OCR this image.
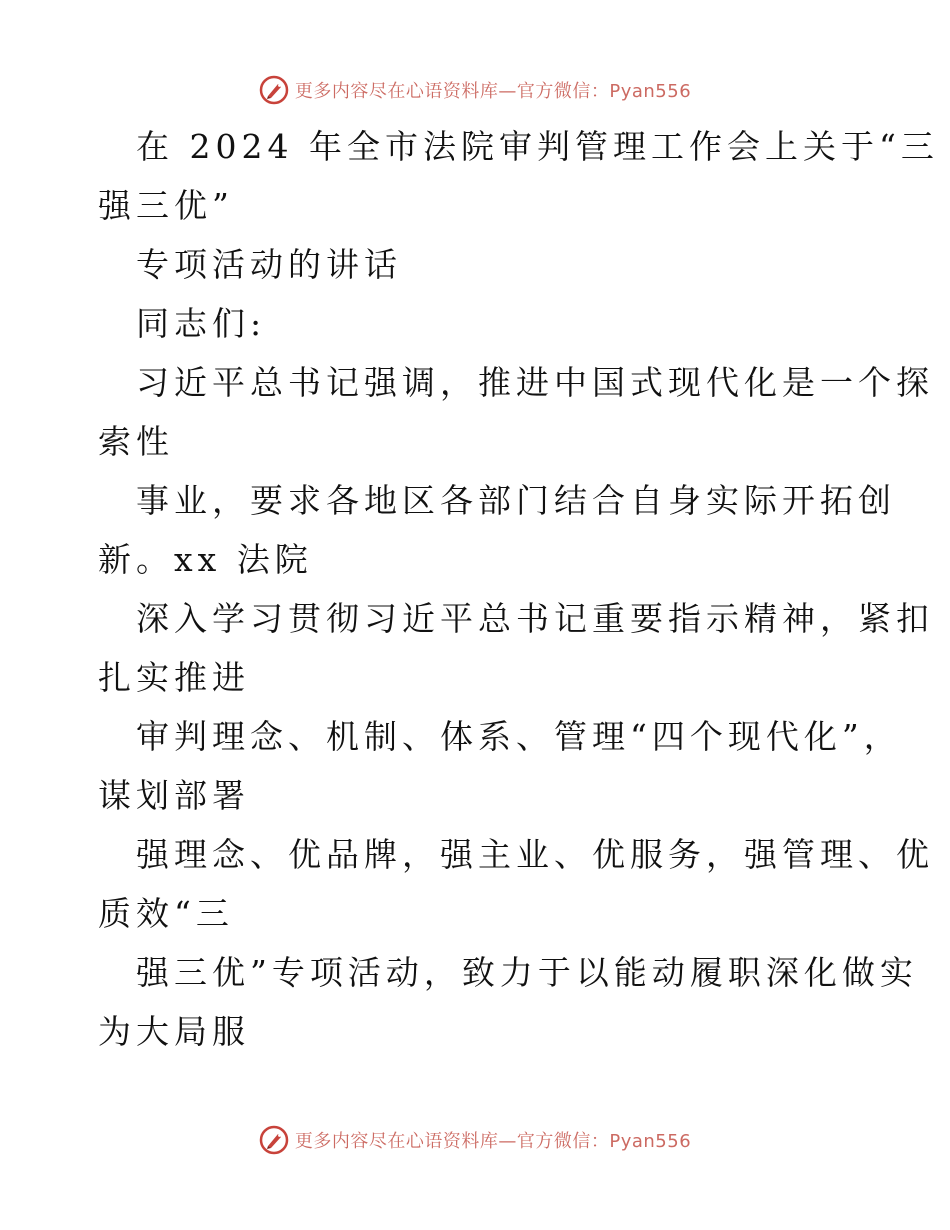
更多内容尽在心语资料库—官方微信：Pyan556
在 2024 年全市法院审判管理工作会上关于“三
强三优”
专项活动的讲话
同志们:
习近平总书记强调，推进中国式现代化是一个探
索性
事业，要求各地区各部门结合自身实际开拓创
新。xx 法院
深入学习贯彻习近平总书记重要指示精神，紧扣
扎实推进
审判理念、机制、体系、管理“四个现代化”，
谋划部署
强理念、优品牌，强主业、优服务，强管理、优
质效“三
强三优”专项活动，致力于以能动履职深化做实
为大局服
更多内容尽在心语资料库—官方微信：Pyan556
